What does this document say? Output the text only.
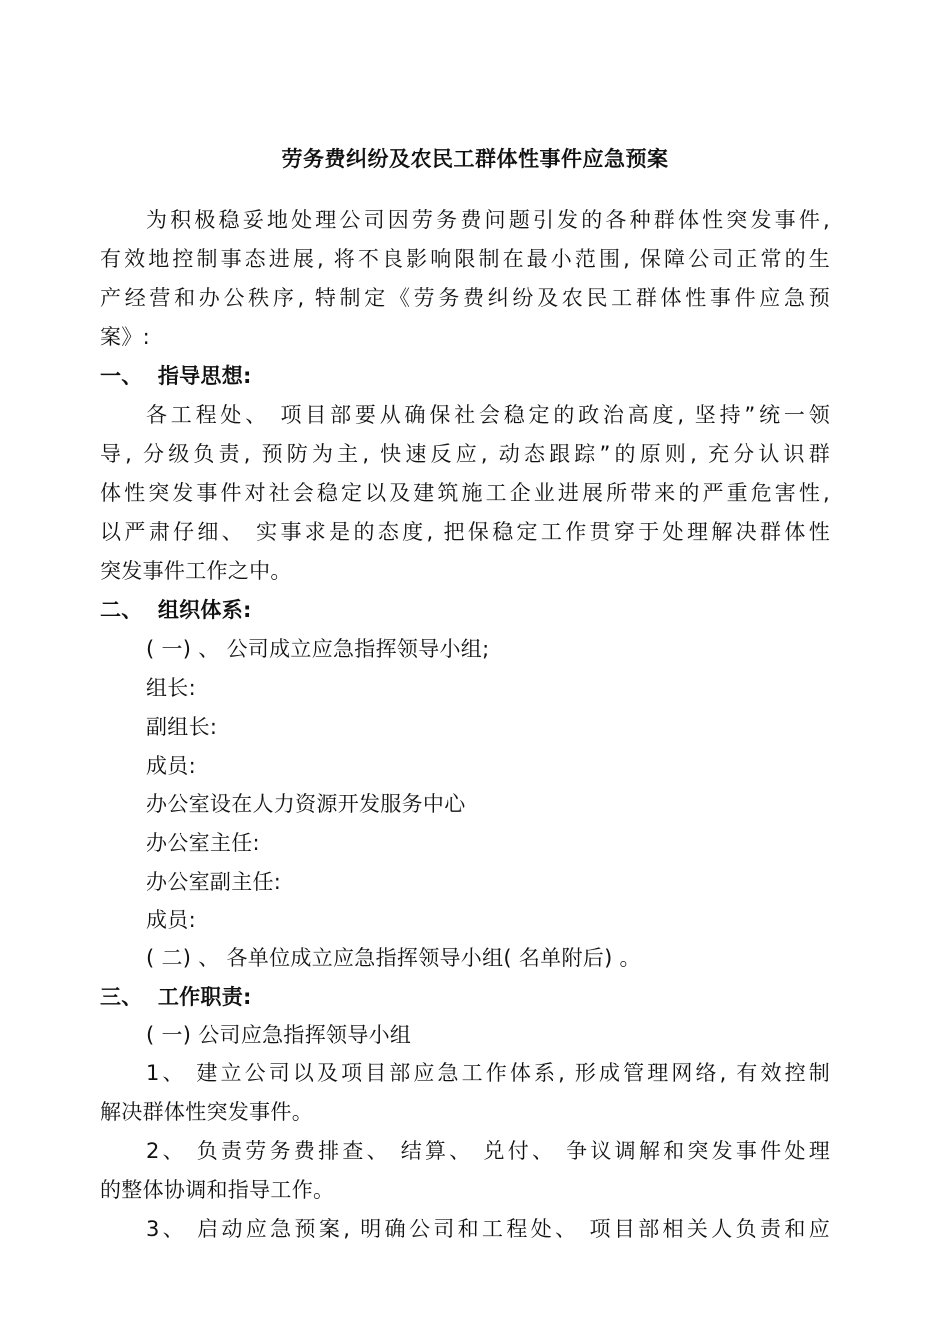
劳务费纠纷及农民工群体性事件应急预案
为积极稳妥地处理公司因劳务费问题引发的各种群体性突发事件,
有效地控制事态进展, 将不良影响限制在最小范围, 保障公司正常的生
产经营和办公秩序, 特制定《劳务费纠纷及农民工群体性事件应急预
案》:
一、  指导思想:
各工程处、 项目部要从确保社会稳定的政治高度, 坚持”统一领
导, 分级负责, 预防为主, 快速反应, 动态跟踪”的原则, 充分认识群
体性突发事件对社会稳定以及建筑施工企业进展所带来的严重危害性,
以严肃仔细、 实事求是的态度, 把保稳定工作贯穿于处理解决群体性
突发事件工作之中。
二、  组织体系:
( 一) 、 公司成立应急指挥领导小组;
组长:
副组长:
成员:
办公室设在人力资源开发服务中心
办公室主任:
办公室副主任:
成员:
( 二) 、 各单位成立应急指挥领导小组( 名单附后) 。
三、  工作职责:
( 一) 公司应急指挥领导小组
1、 建立公司以及项目部应急工作体系, 形成管理网络, 有效控制
解决群体性突发事件。
2、 负责劳务费排查、 结算、 兑付、 争议调解和突发事件处理
的整体协调和指导工作。
3、 启动应急预案, 明确公司和工程处、 项目部相关人负责和应
